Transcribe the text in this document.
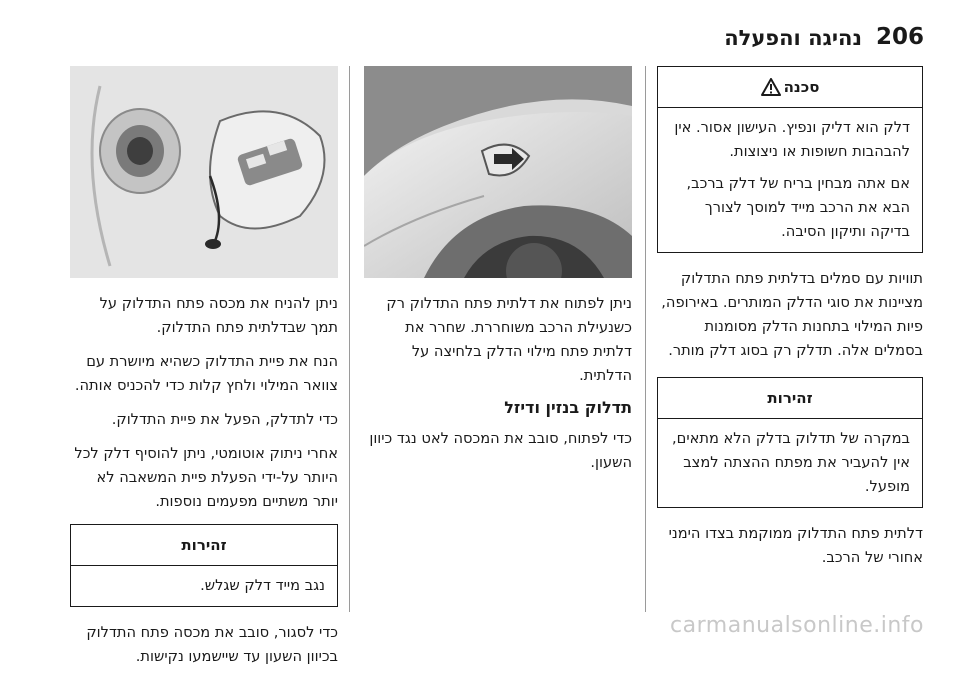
נהיגה והפעלה 206
סכנה

דלק הוא דליק ונפיץ. העישון אסור. אין להבהבות חשופות או ניצוצות.

אם אתה מבחין בריח של דלק ברכב, הבא את הרכב מייד למוסך לצורך בדיקה ותיקון הסיבה.

תוויות עם סמלים בדלתית פתח התדלוק מציינות את סוגי הדלק המותרים. באירופה, פיות המילוי בתחנות הדלק מסומנות בסמלים אלה. תדלק רק בסוג דלק מותר.

זהירות
במקרה של תדלוק בדלק הלא מתאים, אין להעביר את מפתח ההצתה למצב מופעל.

דלתית פתח התדלוק ממוקמת בצדו הימני אחורי של הרכב.

ניתן לפתוח את דלתית פתח התדלוק רק כשנעילת הרכב משוחררת. שחרר את דלתית פתח מילוי הדלק בלחיצה על הדלתית.

תדלוק בנזין ודיזל

כדי לפתוח, סובב את המכסה לאט נגד כיוון השעון.

ניתן להניח את מכסה פתח התדלוק על תמך שבדלתית פתח התדלוק.

הנח את פיית התדלוק כשהיא מיושרת עם צוואר המילוי ולחץ קלות כדי להכניס אותה.

כדי לתדלק, הפעל את פיית התדלוק.

אחרי ניתוק אוטומטי, ניתן להוסיף דלק לכל היותר על-ידי הפעלת פיית המשאבה לא יותר משתיים מפעמים נוספות.

זהירות
נגב מייד דלק שגלש.

כדי לסגור, סובב את מכסה פתח התדלוק בכיוון השעון עד שיישמעו נקישות.

carmanualsonline.info
